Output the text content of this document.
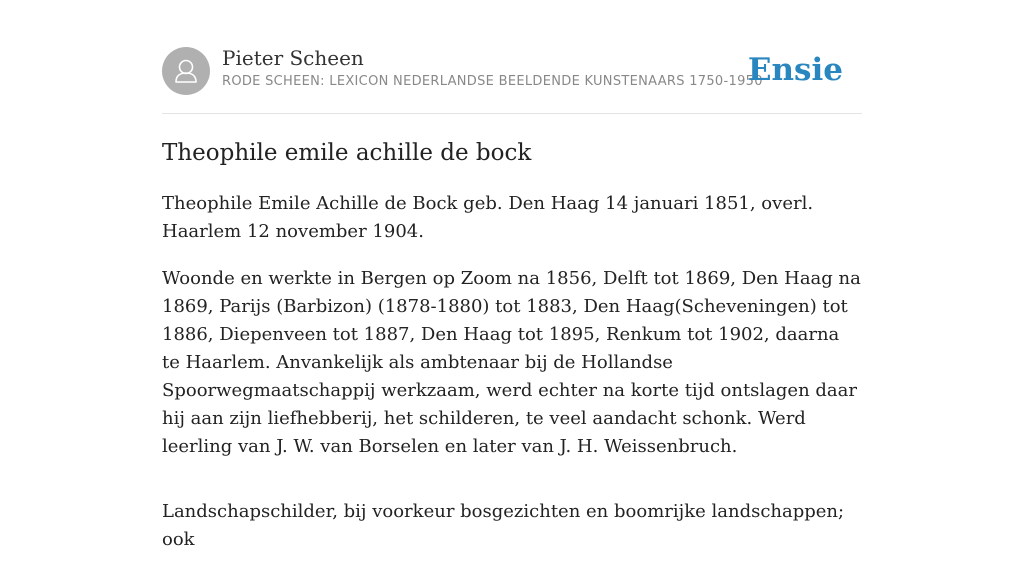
Pieter Scheen
RODE SCHEEN: LEXICON NEDERLANDSE BEELDENDE KUNSTENAARS 1750-1950
Ensie
Theophile emile achille de bock

Theophile Emile Achille de Bock geb. Den Haag 14 januari 1851, overl. Haarlem 12 november 1904.

Woonde en werkte in Bergen op Zoom na 1856, Delft tot 1869, Den Haag na 1869, Parijs (Barbizon) (1878-1880) tot 1883, Den Haag(Scheveningen) tot 1886, Diepenveen tot 1887, Den Haag tot 1895, Renkum tot 1902, daarna te Haarlem. Anvankelijk als ambtenaar bij de Hollandse Spoorwegmaatschappij werkzaam, werd echter na korte tijd ontslagen daar hij aan zijn liefhebberij, het schilderen, te veel aandacht schonk. Werd leerling van J. W. van Borselen en later van J. H. Weissenbruch.

Landschapschilder, bij voorkeur bosgezichten en boomrijke landschappen; ook
